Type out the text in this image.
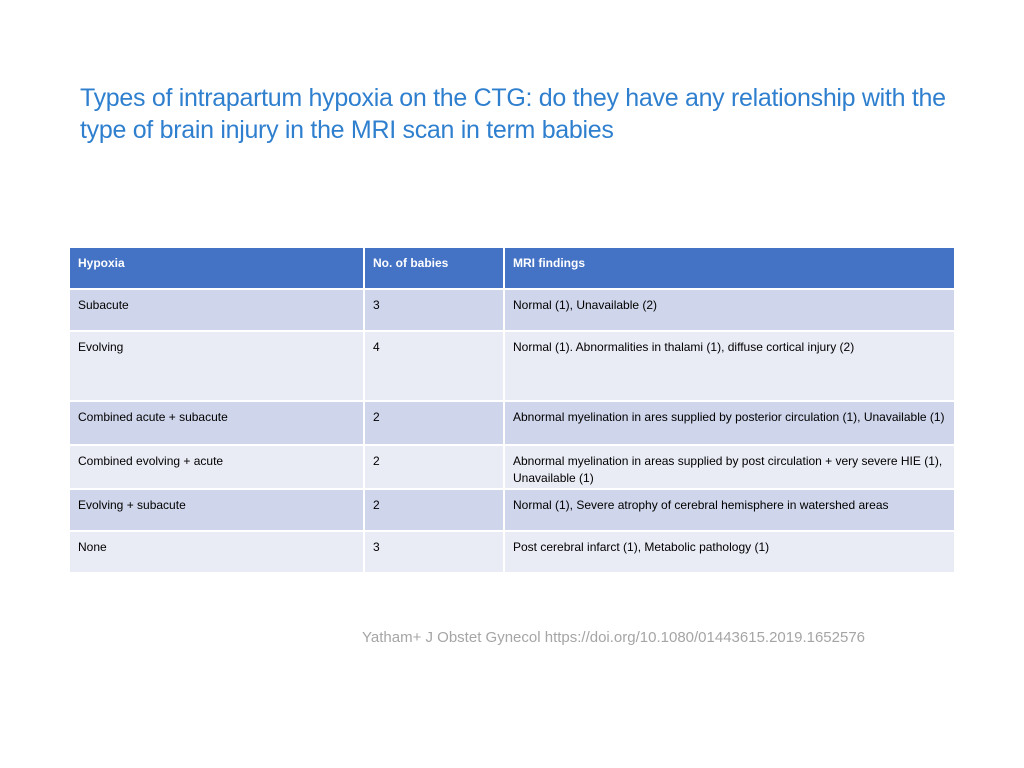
Types of intrapartum hypoxia on the CTG: do they have any relationship with the type of brain injury in the MRI scan in term babies
Hypoxia	No. of babies	MRI findings
Subacute	3	Normal (1), Unavailable (2)
Evolving	4	Normal (1). Abnormalities in thalami (1), diffuse cortical injury (2)
Combined acute + subacute	2	Abnormal myelination in ares supplied by posterior circulation (1), Unavailable (1)
Combined evolving + acute	2	Abnormal myelination in areas supplied by post circulation + very severe HIE (1), Unavailable (1)
Evolving + subacute	2	Normal (1), Severe atrophy of cerebral hemisphere in watershed areas
None	3	Post cerebral infarct (1), Metabolic pathology (1)
Yatham+ J Obstet Gynecol https://doi.org/10.1080/01443615.2019.1652576
